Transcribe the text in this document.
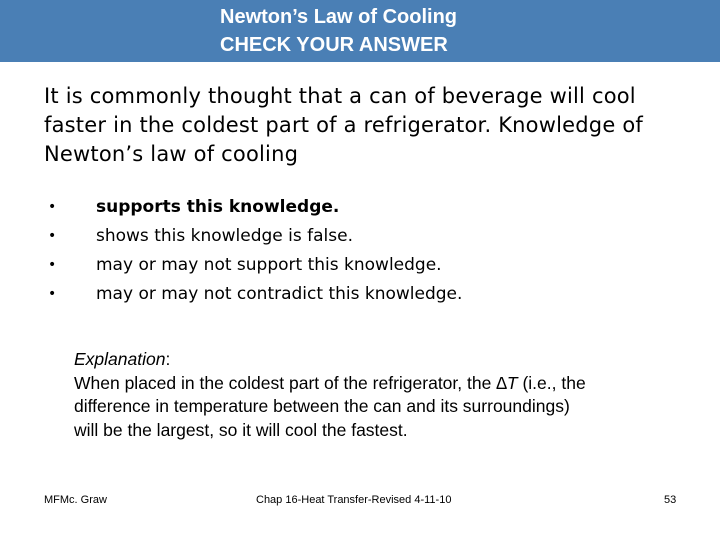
Newton’s Law of Cooling
CHECK YOUR ANSWER
It is commonly thought that a can of beverage will cool faster in the coldest part of a refrigerator. Knowledge of Newton’s law of cooling
• supports this knowledge.
• shows this knowledge is false.
• may or may not support this knowledge.
• may or may not contradict this knowledge.
Explanation:
When placed in the coldest part of the refrigerator, the ∆T (i.e., the
difference in temperature between the can and its surroundings)
will be the largest, so it will cool the fastest.
MFMc. Graw	Chap 16-Heat Transfer-Revised 4-11-10	53
